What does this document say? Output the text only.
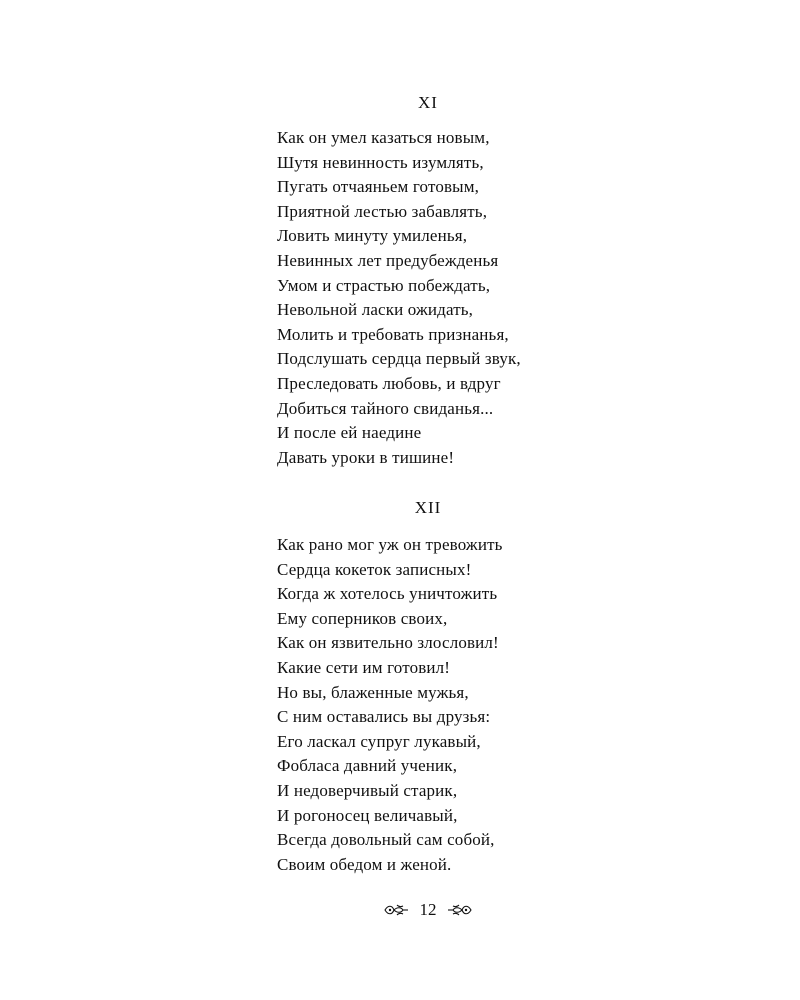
XI
Как он умел казаться новым,
Шутя невинность изумлять,
Пугать отчаяньем готовым,
Приятной лестью забавлять,
Ловить минуту умиленья,
Невинных лет предубежденья
Умом и страстью побеждать,
Невольной ласки ожидать,
Молить и требовать признанья,
Подслушать сердца первый звук,
Преследовать любовь, и вдруг
Добиться тайного свиданья...
И после ей наедине
Давать уроки в тишине!
XII
Как рано мог уж он тревожить
Сердца кокеток записных!
Когда ж хотелось уничтожить
Ему соперников своих,
Как он язвительно злословил!
Какие сети им готовил!
Но вы, блаженные мужья,
С ним оставались вы друзья:
Его ласкал супруг лукавый,
Фобласа давний ученик,
И недоверчивый старик,
И рогоносец величавый,
Всегда довольный сам собой,
Своим обедом и женой.
12
